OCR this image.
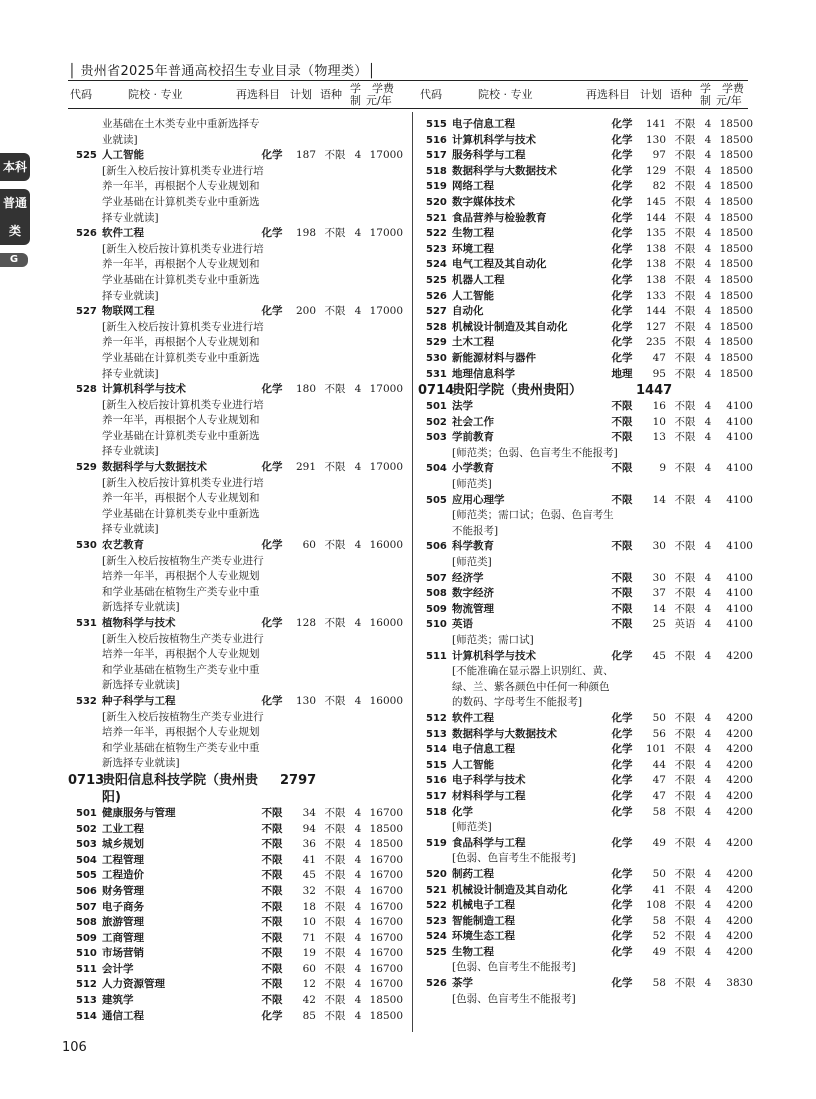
│ 贵州省2025年普通高校招生专业目录（物理类）│
代码	院校 · 专业	再选科目 计划 语种 学
制
学费
元/年	代码	院校 · 专业	再选科目 计划 语种 学
制
学费
元/年
本科
普通类
G
业基础在土木类专业中重新选择专
业就读]
525 人工智能	化学	187 不限 4 17000
[新生入校后按计算机类专业进行培
养一年半，再根据个人专业规划和
学业基础在计算机类专业中重新选
择专业就读]
526 软件工程	化学	198 不限 4 17000
[新生入校后按计算机类专业进行培
养一年半，再根据个人专业规划和
学业基础在计算机类专业中重新选
择专业就读]
527 物联网工程	化学	200 不限 4 17000
[新生入校后按计算机类专业进行培
养一年半，再根据个人专业规划和
学业基础在计算机类专业中重新选
择专业就读]
528 计算机科学与技术	化学	180 不限 4 17000
[新生入校后按计算机类专业进行培
养一年半，再根据个人专业规划和
学业基础在计算机类专业中重新选
择专业就读]
529 数据科学与大数据技术	化学	291 不限 4 17000
[新生入校后按计算机类专业进行培
养一年半，再根据个人专业规划和
学业基础在计算机类专业中重新选
择专业就读]
530 农艺教育	化学	60 不限 4 16000
[新生入校后按植物生产类专业进行
培养一年半，再根据个人专业规划
和学业基础在植物生产类专业中重
新选择专业就读]
531 植物科学与技术	化学	128 不限 4 16000
[新生入校后按植物生产类专业进行
培养一年半，再根据个人专业规划
和学业基础在植物生产类专业中重
新选择专业就读]
532 种子科学与工程	化学	130 不限 4 16000
[新生入校后按植物生产类专业进行
培养一年半，再根据个人专业规划
和学业基础在植物生产类专业中重
新选择专业就读]
0713
贵阳信息科技学院（贵州贵 2797
阳)
501 健康服务与管理	不限	34 不限 4 16700
502 工业工程	不限	94 不限 4 18500
503 城乡规划	不限	36 不限 4 18500
504 工程管理	不限	41 不限 4 16700
505 工程造价	不限	45 不限 4 16700
506 财务管理	不限	32 不限 4 16700
507 电子商务	不限	18 不限 4 16700
508 旅游管理	不限	10 不限 4 16700
509 工商管理	不限	71 不限 4 16700
510 市场营销	不限	19 不限 4 16700
511 会计学	不限	60 不限 4 16700
512 人力资源管理	不限	12 不限 4 16700
513 建筑学	不限	42 不限 4 18500
514 通信工程	化学	85 不限 4 18500
515 电子信息工程	化学	141 不限 4 18500
516 计算机科学与技术	化学	130 不限 4 18500
517 服务科学与工程	化学	97 不限 4 18500
518 数据科学与大数据技术	化学	129 不限 4 18500
519 网络工程	化学	82 不限 4 18500
520 数字媒体技术	化学	145 不限 4 18500
521 食品营养与检验教育	化学	144 不限 4 18500
522 生物工程	化学	135 不限 4 18500
523 环境工程	化学	138 不限 4 18500
524 电气工程及其自动化	化学	138 不限 4 18500
525 机器人工程	化学	138 不限 4 18500
526 人工智能	化学	133 不限 4 18500
527 自动化	化学	144 不限 4 18500
528 机械设计制造及其自动化	化学	127 不限 4 18500
529 土木工程	化学	235 不限 4 18500
530 新能源材料与器件	化学	47 不限 4 18500
531 地理信息科学	地理	95 不限 4 18500
0714
贵阳学院（贵州贵阳）	1447
501 法学	不限	16 不限 4	4100
502 社会工作	不限	10 不限 4	4100
503 学前教育	不限	13 不限 4	4100
[师范类；色弱、色盲考生不能报考]
504 小学教育	不限	9 不限 4	4100
[师范类]
505 应用心理学	不限	14 不限 4	4100
[师范类；需口试；色弱、色盲考生
不能报考]
506 科学教育	不限	30 不限 4	4100
[师范类]
507 经济学	不限	30 不限 4	4100
508 数字经济	不限	37 不限 4	4100
509 物流管理	不限	14 不限 4	4100
510 英语	不限	25 英语 4	4100
[师范类；需口试]
511 计算机科学与技术	化学	45 不限 4	4200
[不能准确在显示器上识别红、黄、
绿、兰、紫各颜色中任何一种颜色
的数码、字母考生不能报考]
512 软件工程	化学	50 不限 4	4200
513 数据科学与大数据技术	化学	56 不限 4	4200
514 电子信息工程	化学	101 不限 4	4200
515 人工智能	化学	44 不限 4	4200
516 电子科学与技术	化学	47 不限 4	4200
517 材料科学与工程	化学	47 不限 4	4200
518 化学	化学	58 不限 4	4200
[师范类]
519 食品科学与工程	化学	49 不限 4	4200
[色弱、色盲考生不能报考]
520 制药工程	化学	50 不限 4	4200
521 机械设计制造及其自动化	化学	41 不限 4	4200
522 机械电子工程	化学	108 不限 4	4200
523 智能制造工程	化学	58 不限 4	4200
524 环境生态工程	化学	52 不限 4	4200
525 生物工程	化学	49 不限 4	4200
[色弱、色盲考生不能报考]
526 茶学	化学	58 不限 4	3830
[色弱、色盲考生不能报考]
106
